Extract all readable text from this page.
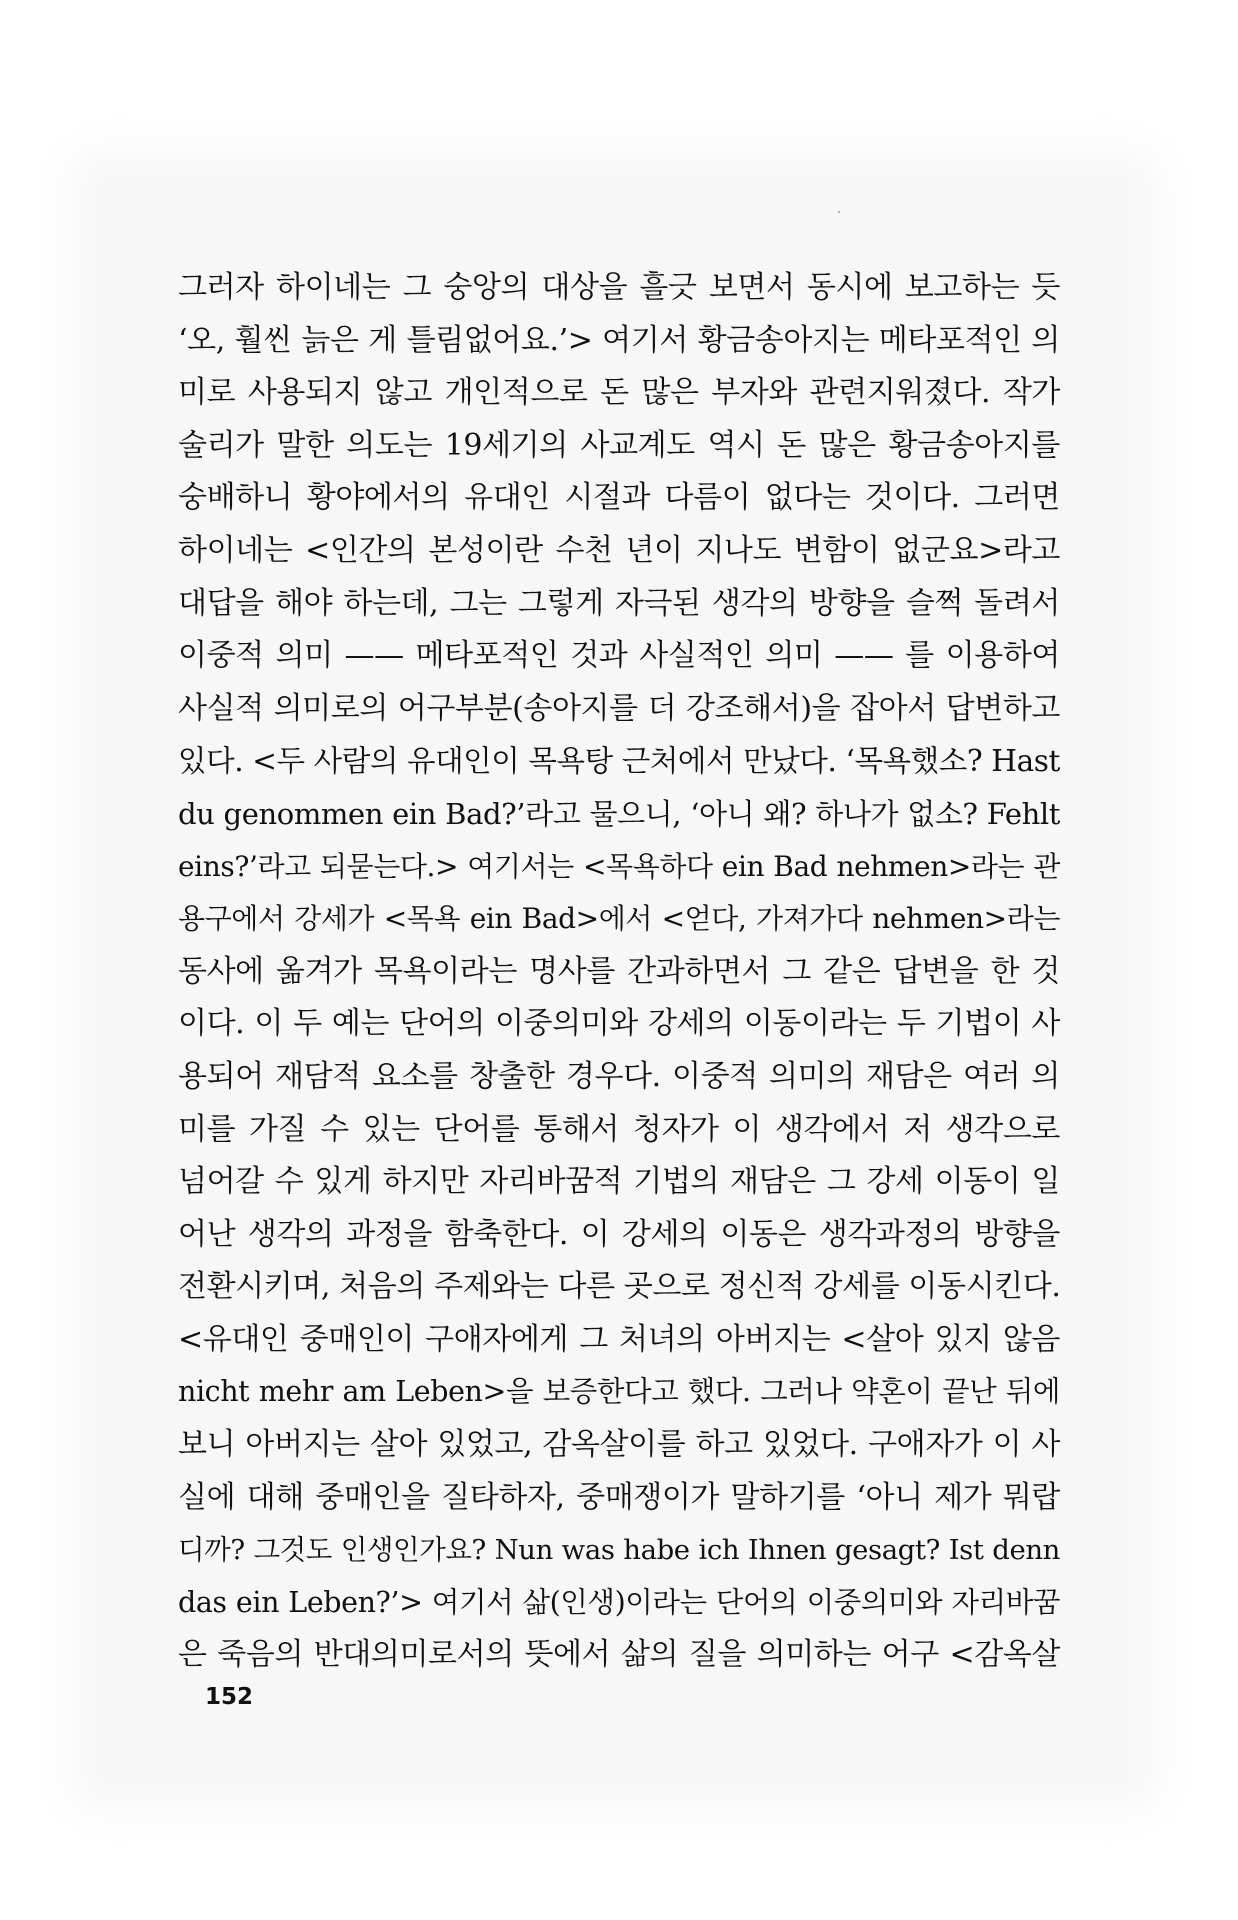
그러자 하이네는 그 숭앙의 대상을 흘긋 보면서 동시에 보고하는 듯
‘오, 훨씬 늙은 게 틀림없어요.’> 여기서 황금송아지는 메타포적인 의
미로 사용되지 않고 개인적으로 돈 많은 부자와 관련지워졌다. 작가
술리가 말한 의도는 19세기의 사교계도 역시 돈 많은 황금송아지를
숭배하니 황야에서의 유대인 시절과 다름이 없다는 것이다. 그러면
하이네는 <인간의 본성이란 수천 년이 지나도 변함이 없군요>라고
대답을 해야 하는데, 그는 그렇게 자극된 생각의 방향을 슬쩍 돌려서
이중적 의미 —— 메타포적인 것과 사실적인 의미 —— 를 이용하여
사실적 의미로의 어구부분(송아지를 더 강조해서)을 잡아서 답변하고
있다. <두 사람의 유대인이 목욕탕 근처에서 만났다. ‘목욕했소? Hast
du genommen ein Bad?’라고 물으니, ‘아니 왜? 하나가 없소? Fehlt
eins?’라고 되묻는다.> 여기서는 <목욕하다 ein Bad nehmen>라는 관
용구에서 강세가 <목욕 ein Bad>에서 <얻다, 가져가다 nehmen>라는
동사에 옮겨가 목욕이라는 명사를 간과하면서 그 같은 답변을 한 것
이다. 이 두 예는 단어의 이중의미와 강세의 이동이라는 두 기법이 사
용되어 재담적 요소를 창출한 경우다. 이중적 의미의 재담은 여러 의
미를 가질 수 있는 단어를 통해서 청자가 이 생각에서 저 생각으로
넘어갈 수 있게 하지만 자리바꿈적 기법의 재담은 그 강세 이동이 일
어난 생각의 과정을 함축한다. 이 강세의 이동은 생각과정의 방향을
전환시키며, 처음의 주제와는 다른 곳으로 정신적 강세를 이동시킨다.
<유대인 중매인이 구애자에게 그 처녀의 아버지는 <살아 있지 않음
nicht mehr am Leben>을 보증한다고 했다. 그러나 약혼이 끝난 뒤에
보니 아버지는 살아 있었고, 감옥살이를 하고 있었다. 구애자가 이 사
실에 대해 중매인을 질타하자, 중매쟁이가 말하기를 ‘아니 제가 뭐랍
디까? 그것도 인생인가요? Nun was habe ich Ihnen gesagt? Ist denn
das ein Leben?’> 여기서 삶(인생)이라는 단어의 이중의미와 자리바꿈
은 죽음의 반대의미로서의 뜻에서 삶의 질을 의미하는 어구 <감옥살
152
